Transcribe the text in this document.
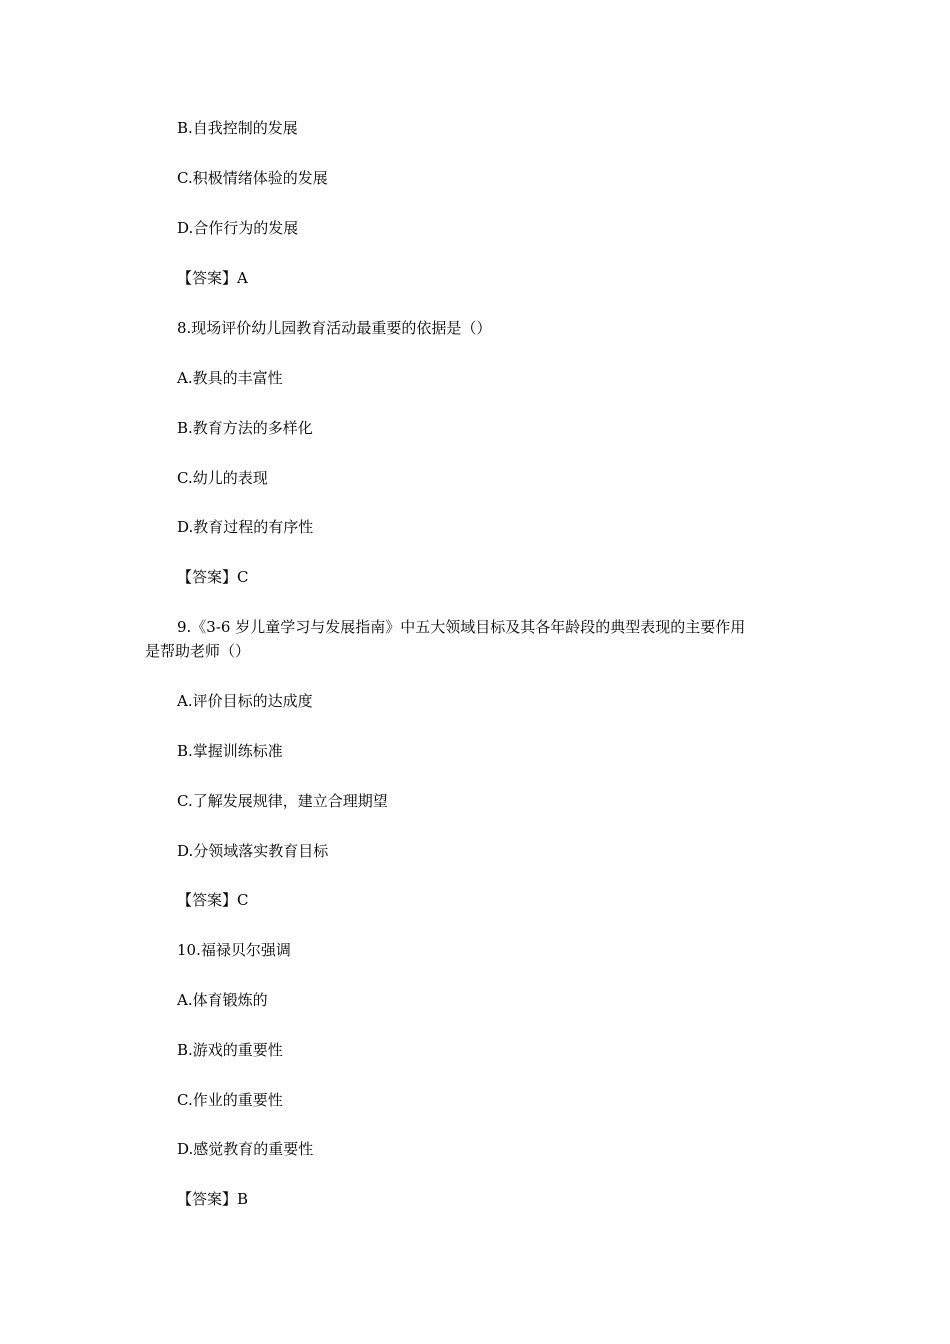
B.自我控制的发展
C.积极情绪体验的发展
D.合作行为的发展
【答案】A
8.现场评价幼儿园教育活动最重要的依据是（）
A.教具的丰富性
B.教育方法的多样化
C.幼儿的表现
D.教育过程的有序性
【答案】C
9.《3-6 岁儿童学习与发展指南》中五大领域目标及其各年龄段的典型表现的主要作用
是帮助老师（）
A.评价目标的达成度
B.掌握训练标准
C.了解发展规律，建立合理期望
D.分领域落实教育目标
【答案】C
10.福禄贝尔强调
A.体育锻炼的
B.游戏的重要性
C.作业的重要性
D.感觉教育的重要性
【答案】B
